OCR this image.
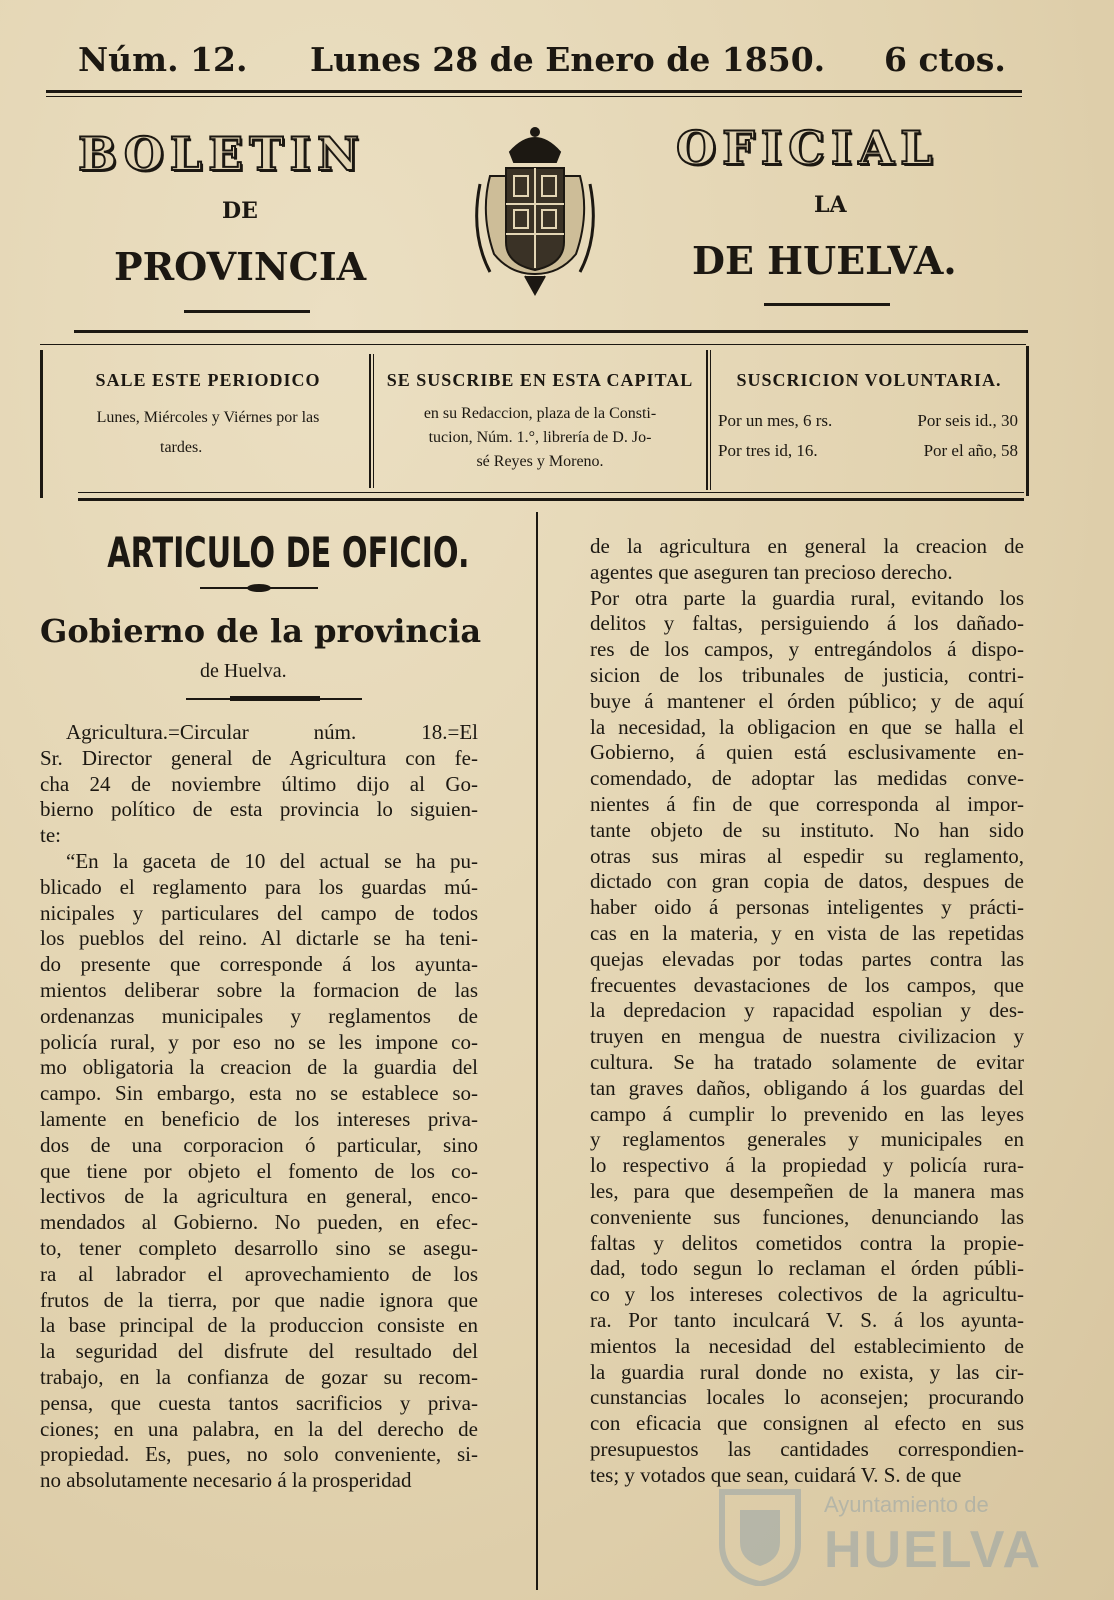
Núm. 12. Lunes 28 de Enero de 1850. 6 ctos.
BOLETIN	OFICIAL
DE	LA
PROVINCIA	DE HUELVA.
SALE ESTE PERIODICO
Lunes, Miércoles y Viérnes por las
tardes.
SE SUSCRIBE EN ESTA CAPITAL
en su Redaccion, plaza de la Consti-
tucion, Núm. 1.°, librería de D. Jo-
sé Reyes y Moreno.
SUSCRICION VOLUNTARIA.
Por un mes, 6 rs.	Por seis id., 30
Por tres id, 16.	Por el año, 58
ARTICULO DE OFICIO.
Gobierno de la provincia
de Huelva.
Agricultura.=Circular núm. 18.=El
Sr. Director general de Agricultura con fe-
cha 24 de noviembre último dijo al Go-
bierno político de esta provincia lo siguien-
te:
“En la gaceta de 10 del actual se ha pu-
blicado el reglamento para los guardas mú-
nicipales y particulares del campo de todos
los pueblos del reino. Al dictarle se ha teni-
do presente que corresponde á los ayunta-
mientos deliberar sobre la formacion de las
ordenanzas municipales y reglamentos de
policía rural, y por eso no se les impone co-
mo obligatoria la creacion de la guardia del
campo. Sin embargo, esta no se establece so-
lamente en beneficio de los intereses priva-
dos de una corporacion ó particular, sino
que tiene por objeto el fomento de los co-
lectivos de la agricultura en general, enco-
mendados al Gobierno. No pueden, en efec-
to, tener completo desarrollo sino se asegu-
ra al labrador el aprovechamiento de los
frutos de la tierra, por que nadie ignora que
la base principal de la produccion consiste en
la seguridad del disfrute del resultado del
trabajo, en la confianza de gozar su recom-
pensa, que cuesta tantos sacrificios y priva-
ciones; en una palabra, en la del derecho de
propiedad. Es, pues, no solo conveniente, si-
no absolutamente necesario á la prosperidad
de la agricultura en general la creacion de
agentes que aseguren tan precioso derecho.
Por otra parte la guardia rural, evitando los
delitos y faltas, persiguiendo á los dañado-
res de los campos, y entregándolos á dispo-
sicion de los tribunales de justicia, contri-
buye á mantener el órden público; y de aquí
la necesidad, la obligacion en que se halla el
Gobierno, á quien está esclusivamente en-
comendado, de adoptar las medidas conve-
nientes á fin de que corresponda al impor-
tante objeto de su instituto. No han sido
otras sus miras al espedir su reglamento,
dictado con gran copia de datos, despues de
haber oido á personas inteligentes y prácti-
cas en la materia, y en vista de las repetidas
quejas elevadas por todas partes contra las
frecuentes devastaciones de los campos, que
la depredacion y rapacidad espolian y des-
truyen en mengua de nuestra civilizacion y
cultura. Se ha tratado solamente de evitar
tan graves daños, obligando á los guardas del
campo á cumplir lo prevenido en las leyes
y reglamentos generales y municipales en
lo respectivo á la propiedad y policía rura-
les, para que desempeñen de la manera mas
conveniente sus funciones, denunciando las
faltas y delitos cometidos contra la propie-
dad, todo segun lo reclaman el órden públi-
co y los intereses colectivos de la agricultu-
ra. Por tanto inculcará V. S. á los ayunta-
mientos la necesidad del establecimiento de
la guardia rural donde no exista, y las cir-
cunstancias locales lo aconsejen; procurando
con eficacia que consignen al efecto en sus
presupuestos las cantidades correspondien-
tes; y votados que sean, cuidará V. S. de que
Ayuntamiento de
HUELVA
